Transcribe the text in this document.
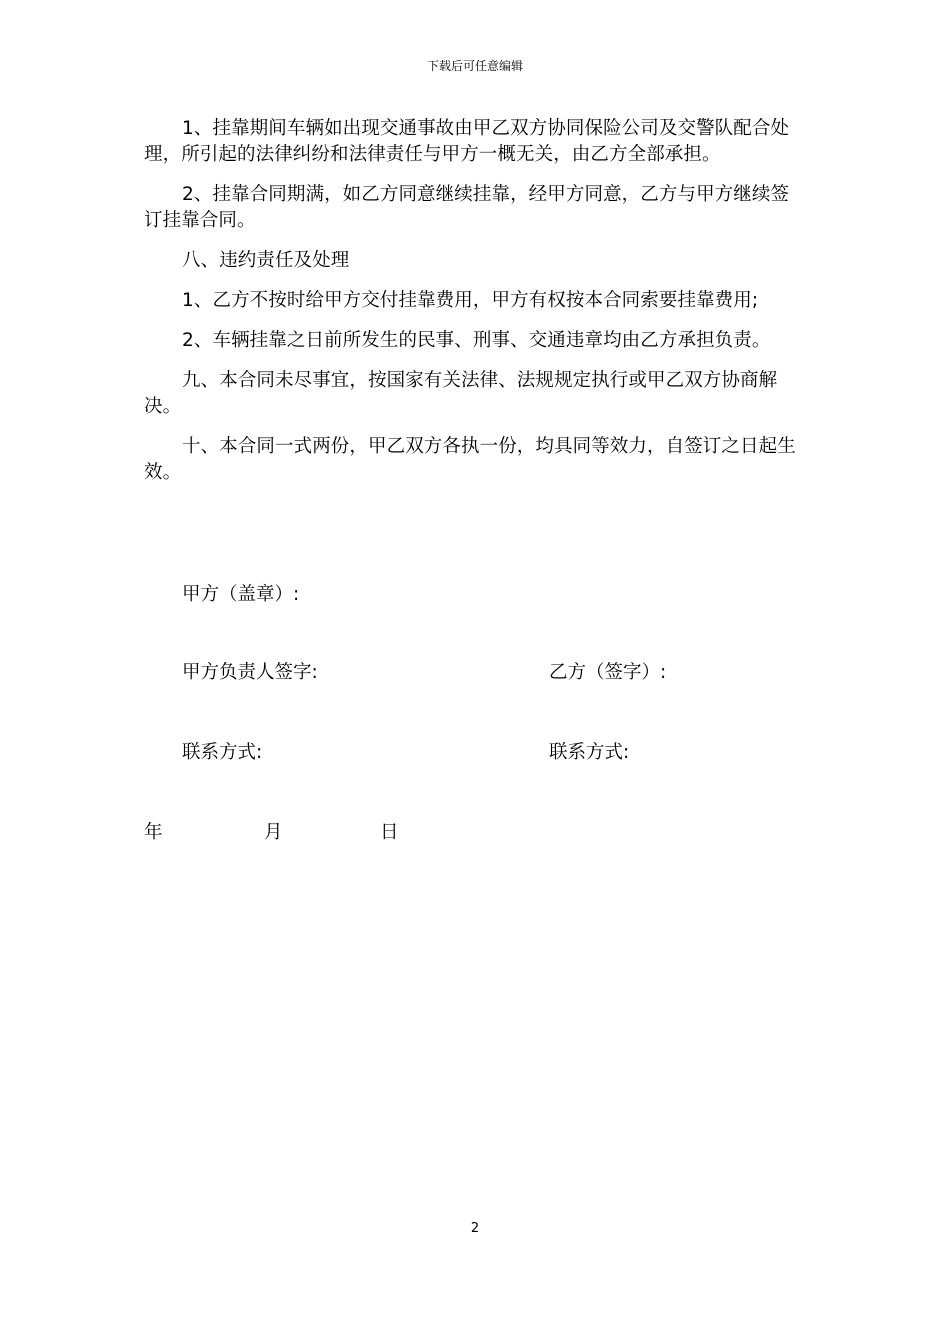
下载后可任意编辑

1、挂靠期间车辆如出现交通事故由甲乙双方协同保险公司及交警队配合处理，所引起的法律纠纷和法律责任与甲方一概无关，由乙方全部承担。

2、挂靠合同期满，如乙方同意继续挂靠，经甲方同意，乙方与甲方继续签订挂靠合同。

八、违约责任及处理

1、乙方不按时给甲方交付挂靠费用，甲方有权按本合同索要挂靠费用;

2、车辆挂靠之日前所发生的民事、刑事、交通违章均由乙方承担负责。

九、本合同未尽事宜，按国家有关法律、法规规定执行或甲乙双方协商解决。

十、本合同一式两份，甲乙双方各执一份，均具同等效力，自签订之日起生效。

甲方（盖章）:
甲方负责人签字:	乙方（签字）:
联系方式:	联系方式:
年	月	日
2
